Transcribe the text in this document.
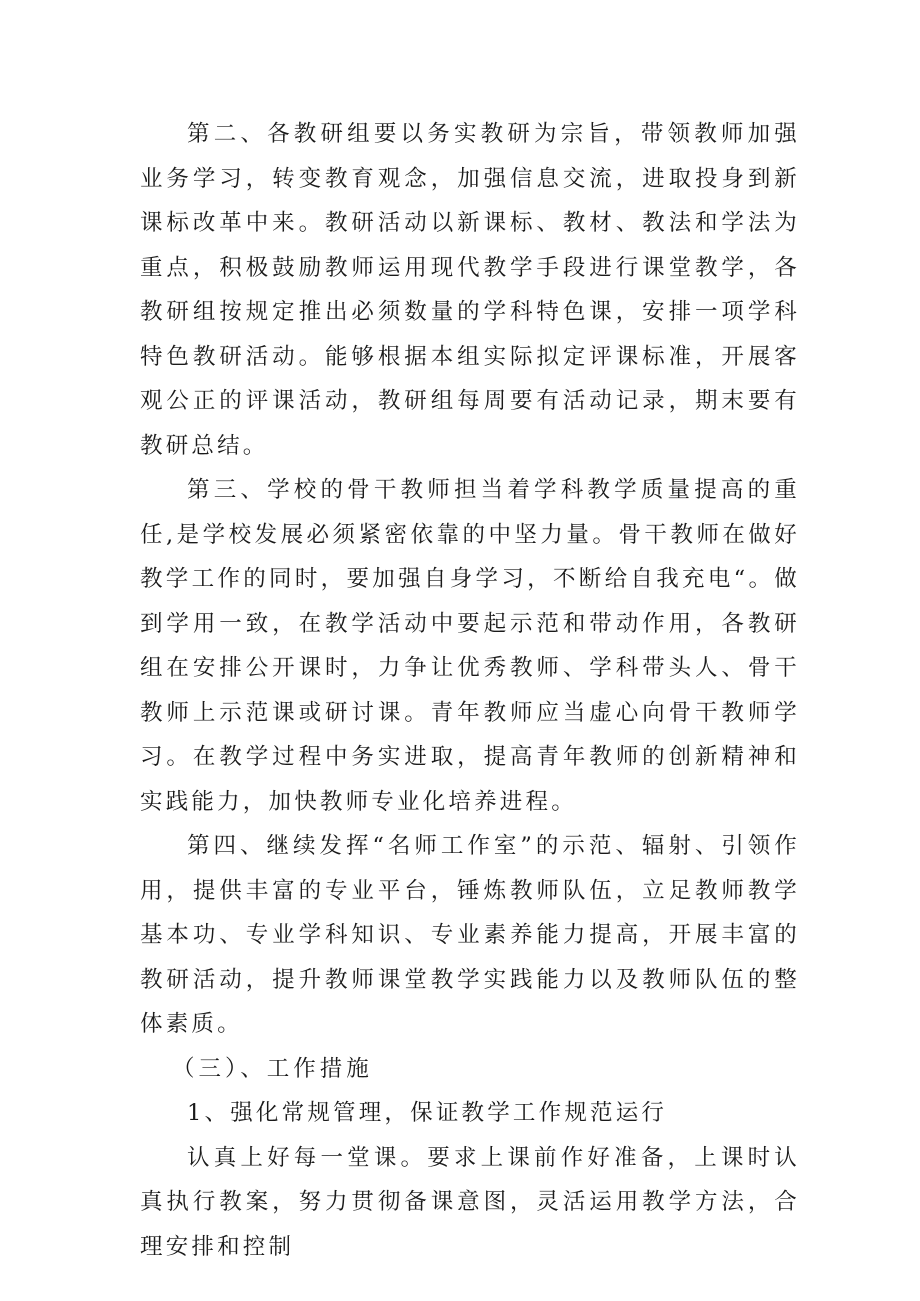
第二、各教研组要以务实教研为宗旨，带领教师加强业务学习，转变教育观念，加强信息交流，进取投身到新课标改革中来。教研活动以新课标、教材、教法和学法为重点，积极鼓励教师运用现代教学手段进行课堂教学，各教研组按规定推出必须数量的学科特色课，安排一项学科特色教研活动。能够根据本组实际拟定评课标准，开展客观公正的评课活动，教研组每周要有活动记录，期末要有教研总结。

第三、学校的骨干教师担当着学科教学质量提高的重任,是学校发展必须紧密依靠的中坚力量。骨干教师在做好教学工作的同时，要加强自身学习，不断给自我充电“。做到学用一致，在教学活动中要起示范和带动作用，各教研组在安排公开课时，力争让优秀教师、学科带头人、骨干教师上示范课或研讨课。青年教师应当虚心向骨干教师学习。在教学过程中务实进取，提高青年教师的创新精神和实践能力，加快教师专业化培养进程。

第四、继续发挥“名师工作室”的示范、辐射、引领作用，提供丰富的专业平台，锤炼教师队伍，立足教师教学基本功、专业学科知识、专业素养能力提高，开展丰富的教研活动，提升教师课堂教学实践能力以及教师队伍的整体素质。

（三）、工作措施

1、强化常规管理，保证教学工作规范运行

认真上好每一堂课。要求上课前作好准备，上课时认真执行教案，努力贯彻备课意图，灵活运用教学方法，合理安排和控制
